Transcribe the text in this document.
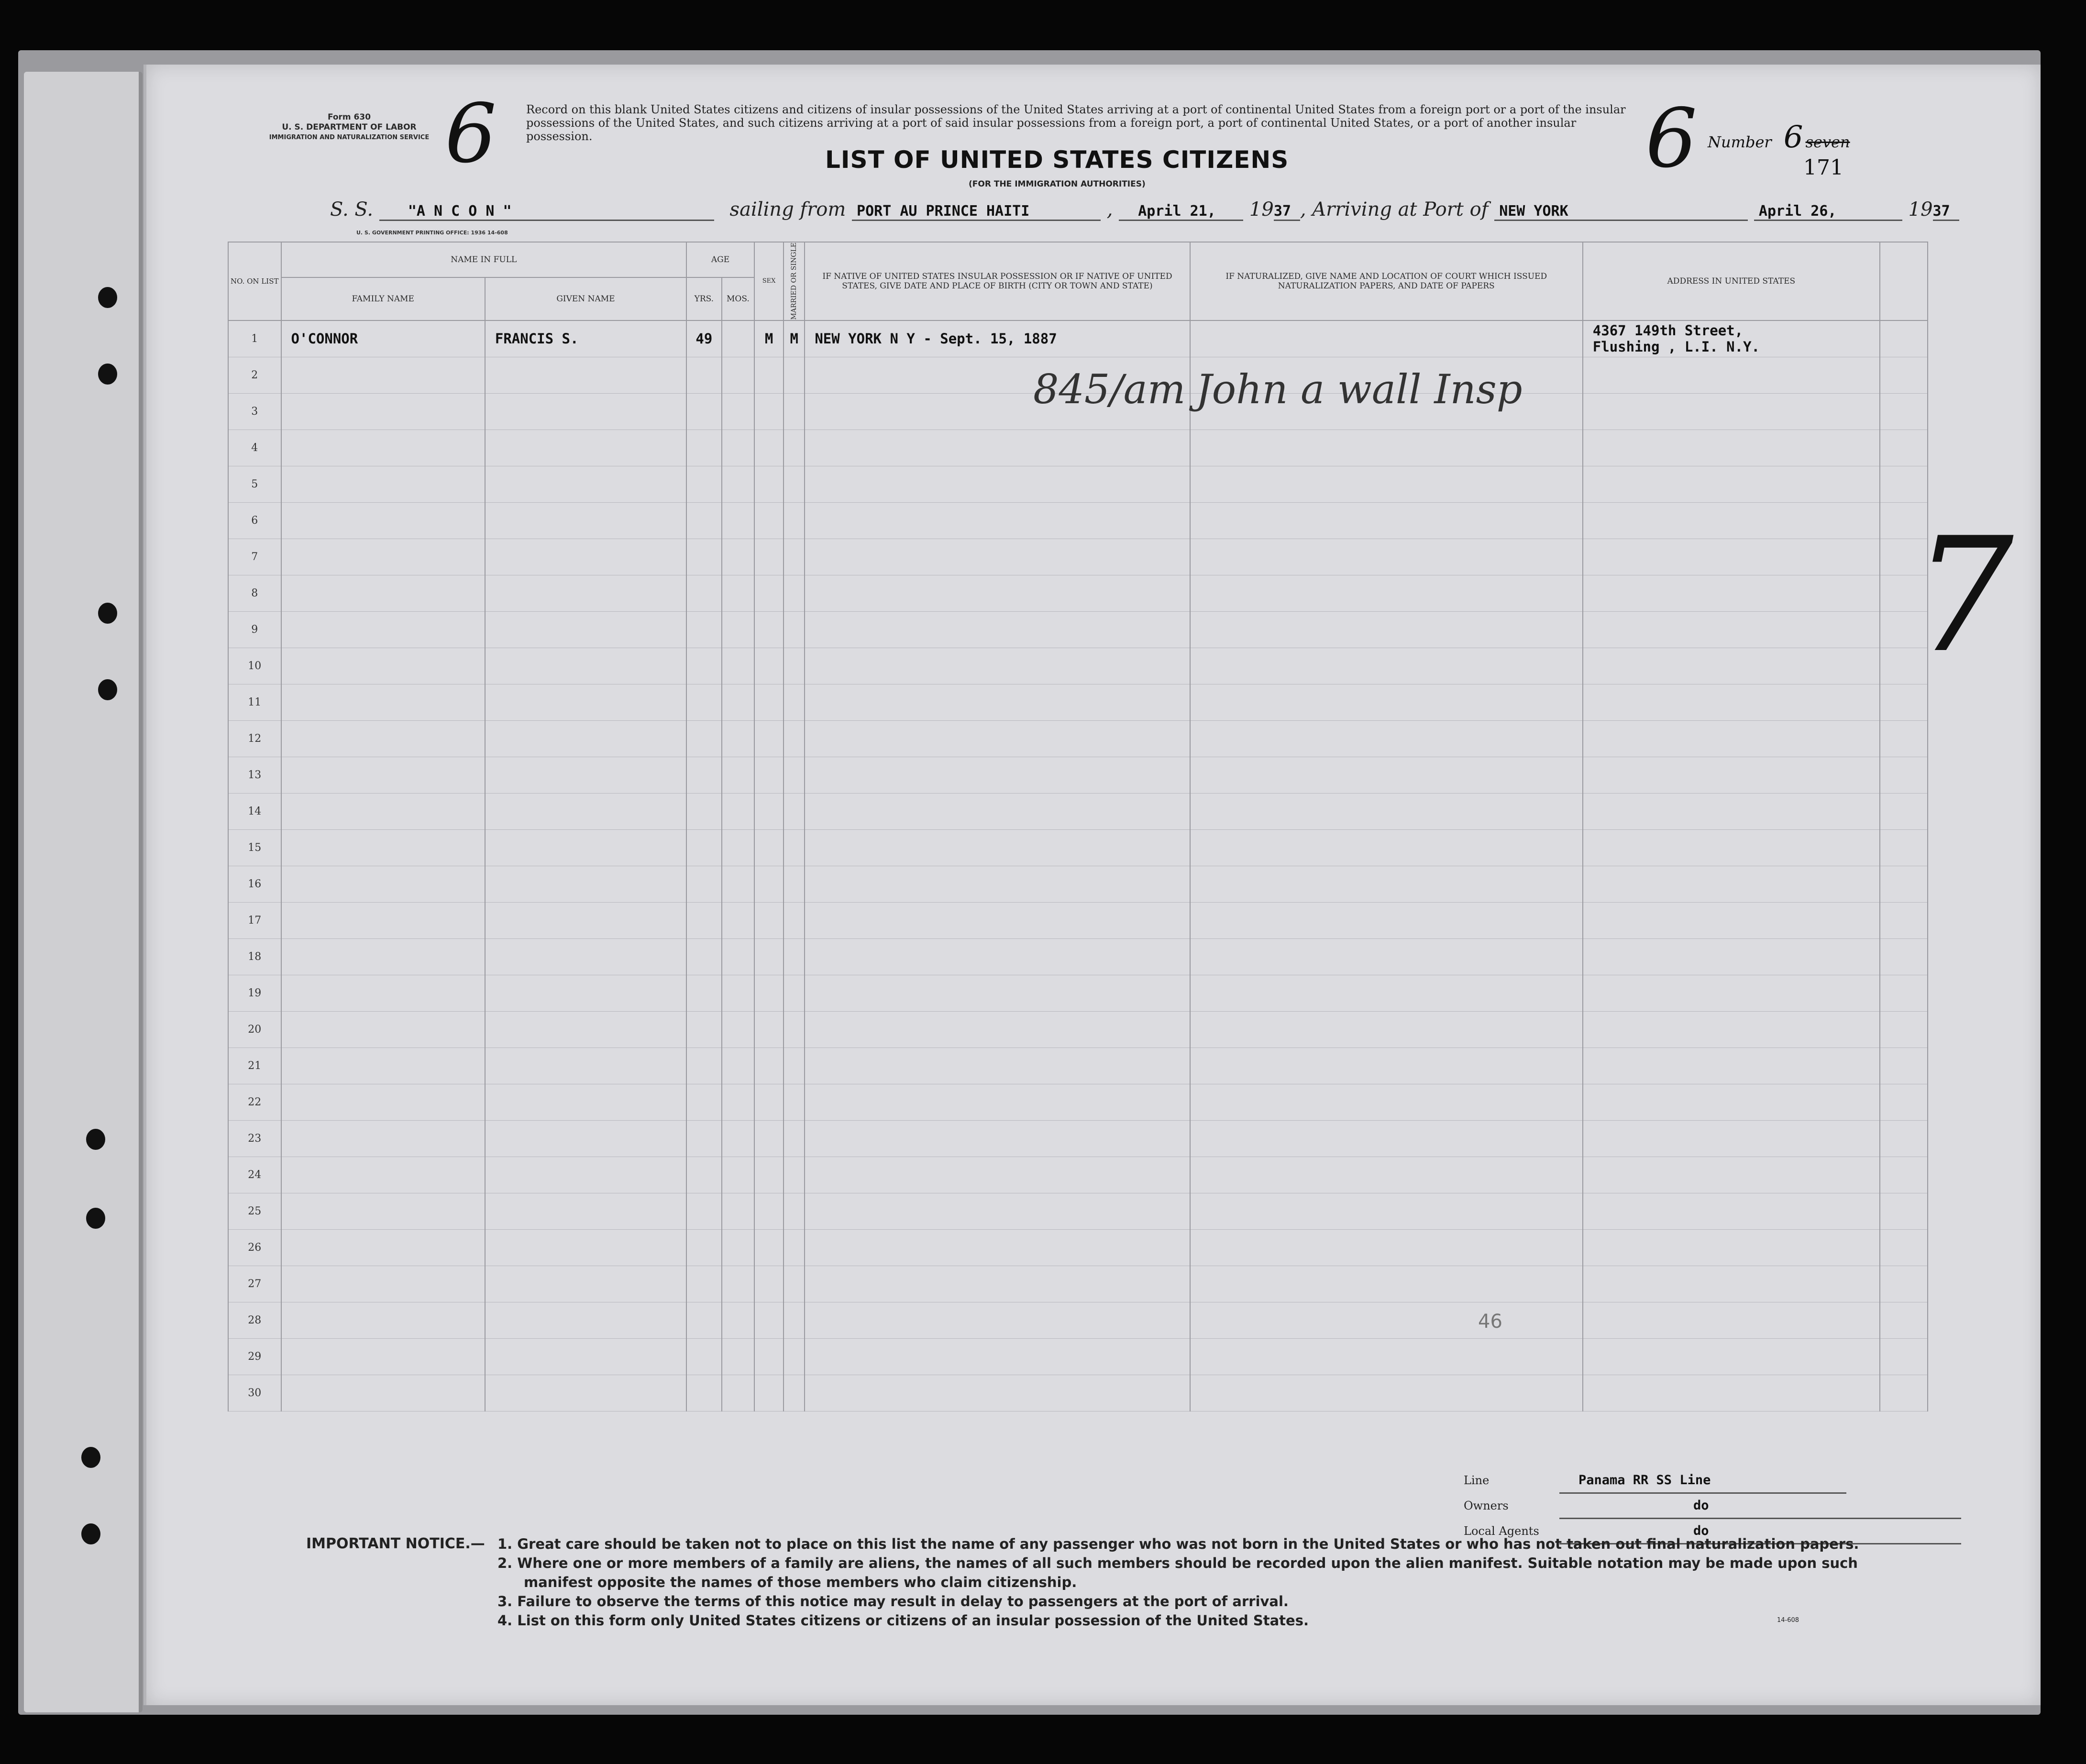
Form 630
U. S. DEPARTMENT OF LABOR
IMMIGRATION AND NATURALIZATION SERVICE 6	Record on this blank United States citizens and citizens of insular possessions of the United States arriving at a port of continental United States from a foreign port or a port of the insular possessions of the United States, and such citizens arriving at a port of said insular possessions from a foreign port, a port of continental United States, or a port of another insular possession.	6 Number 6 seven
LIST OF UNITED STATES CITIZENS	171
(FOR THE IMMIGRATION AUTHORITIES)
S. S. "A N C O N "	sailing from PORT AU PRINCE HAITI	, April 21, 1937 , Arriving at Port of NEW YORK	April 26,	1937
U. S. GOVERNMENT PRINTING OFFICE: 1936 14-608
NO. ON LIST	NAME IN FULL		AGE		SEX	MARRIED OR SINGLE	IF NATIVE OF UNITED STATES INSULAR POSSESSION OR IF NATIVE OF UNITED STATES, GIVE DATE AND PLACE OF BIRTH (CITY OR TOWN AND STATE)	IF NATURALIZED, GIVE NAME AND LOCATION OF COURT WHICH ISSUED NATURALIZATION PAPERS, AND DATE OF PAPERS	ADDRESS IN UNITED STATES	
	FAMILY NAME	GIVEN NAME	YRS.	MOS.						
1	O'CONNOR	FRANCIS S.	49		M	M	NEW YORK N Y - Sept. 15, 1887		4367 149th Street,
Flushing , L.I. N.Y.	

2										
3										
4										
5										
6										
7										
8										
9										
10										
11										
12										
13										
14										
15										
16										
17										
18										
19										
20										
21										
22										
23										
24										
25										
26										
27										
28										
29										
30										
845/am John a wall Insp
46
7
Line	Panama RR SS Line
Owners	do
Local Agents	do
IMPORTANT NOTICE.— 1. Great care should be taken not to place on this list the name of any passenger who was not born in the United States or who has not taken out final naturalization papers.
2. Where one or more members of a family are aliens, the names of all such members should be recorded upon the alien manifest. Suitable notation may be made upon such
manifest opposite the names of those members who claim citizenship.
3. Failure to observe the terms of this notice may result in delay to passengers at the port of arrival.
4. List on this form only United States citizens or citizens of an insular possession of the United States.	14-608
